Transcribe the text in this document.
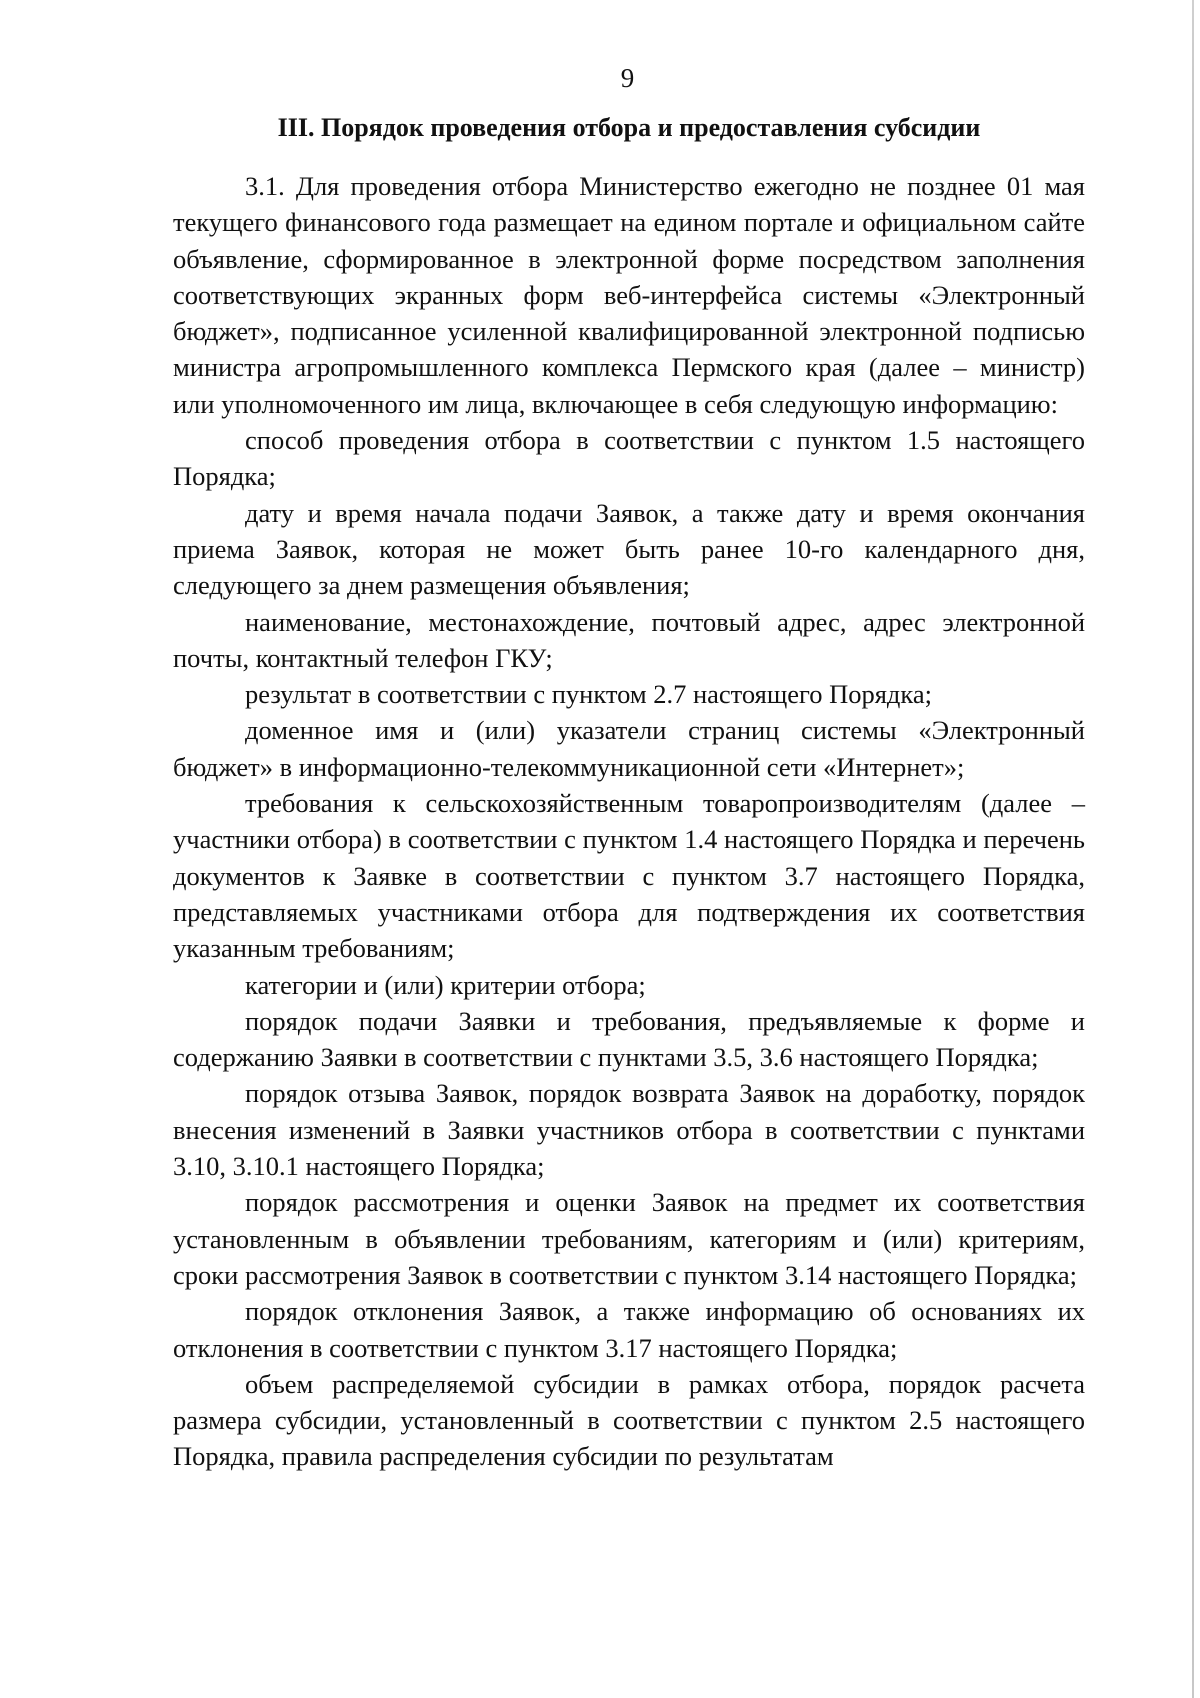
9
III. Порядок проведения отбора и предоставления субсидии

3.1. Для проведения отбора Министерство ежегодно не позднее 01 мая текущего финансового года размещает на едином портале и официальном сайте объявление, сформированное в электронной форме посредством заполнения соответствующих экранных форм веб-интерфейса системы «Электронный бюджет», подписанное усиленной квалифицированной электронной подписью министра агропромышленного комплекса Пермского края (далее – министр) или уполномоченного им лица, включающее в себя следующую информацию:

способ проведения отбора в соответствии с пунктом 1.5 настоящего Порядка;

дату и время начала подачи Заявок, а также дату и время окончания приема Заявок, которая не может быть ранее 10-го календарного дня, следующего за днем размещения объявления;

наименование, местонахождение, почтовый адрес, адрес электронной почты, контактный телефон ГКУ;

результат в соответствии с пунктом 2.7 настоящего Порядка;

доменное имя и (или) указатели страниц системы «Электронный бюджет» в информационно-телекоммуникационной сети «Интернет»;

требования к сельскохозяйственным товаропроизводителям (далее – участники отбора) в соответствии с пунктом 1.4 настоящего Порядка и перечень документов к Заявке в соответствии с пунктом 3.7 настоящего Порядка, представляемых участниками отбора для подтверждения их соответствия указанным требованиям;

категории и (или) критерии отбора;

порядок подачи Заявки и требования, предъявляемые к форме и содержанию Заявки в соответствии с пунктами 3.5, 3.6 настоящего Порядка;

порядок отзыва Заявок, порядок возврата Заявок на доработку, порядок внесения изменений в Заявки участников отбора в соответствии с пунктами 3.10, 3.10.1 настоящего Порядка;

порядок рассмотрения и оценки Заявок на предмет их соответствия установленным в объявлении требованиям, категориям и (или) критериям, сроки рассмотрения Заявок в соответствии с пунктом 3.14 настоящего Порядка;

порядок отклонения Заявок, а также информацию об основаниях их отклонения в соответствии с пунктом 3.17 настоящего Порядка;

объем распределяемой субсидии в рамках отбора, порядок расчета размера субсидии, установленный в соответствии с пунктом 2.5 настоящего Порядка, правила распределения субсидии по результатам
